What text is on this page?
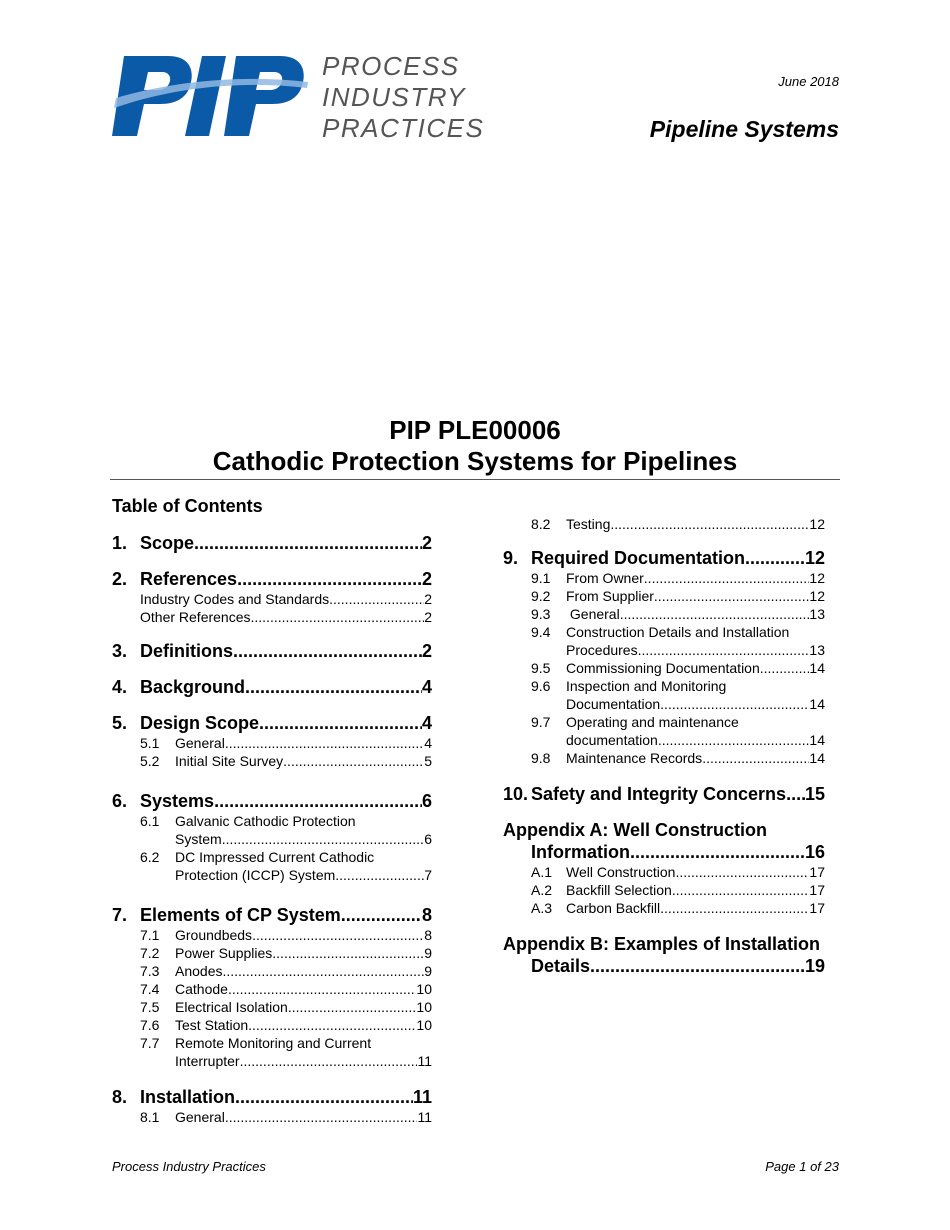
PROCESS
INDUSTRY
PRACTICES
June 2018
Pipeline Systems
PIP PLE00006
Cathodic Protection Systems for Pipelines
Table of Contents
1. Scope .....	2
2. References .....	2
Industry Codes and Standards .....	2
Other References .....	2
3. Definitions .....	2
4. Background .....	4
5. Design Scope .....	4
5.1	General .....	4
5.2	Initial Site Survey .....	5
6. Systems .....	6
6.1	Galvanic Cathodic Protection
System .....	6
6.2	DC Impressed Current Cathodic
Protection (ICCP) System .....	7
7. Elements of CP System .....	8
7.1	Groundbeds .....	8
7.2	Power Supplies .....	9
7.3	Anodes .....	9
7.4	Cathode .....	10
7.5	Electrical Isolation .....	10
7.6	Test Station .....	10
7.7	Remote Monitoring and Current
Interrupter .....	11
8. Installation .....	11
8.1	General .....	11
8.2	Testing .....	12
9. Required Documentation .....	12
9.1	From Owner .....	12
9.2	From Supplier .....	12
9.3	General .....	13
9.4	Construction Details and Installation
Procedures .....	13
9.5	Commissioning Documentation .....	14
9.6	Inspection and Monitoring
Documentation .....	14
9.7	Operating and maintenance
documentation .....	14
9.8	Maintenance Records .....	14
10. Safety and Integrity Concerns ..... 15
Appendix A: Well Construction
Information .....	16
A.1 Well Construction .....	17
A.2 Backfill Selection .....	17
A.3 Carbon Backfill .....	17
Appendix B: Examples of Installation
Details .....	19
Process Industry Practices	Page 1 of 23
